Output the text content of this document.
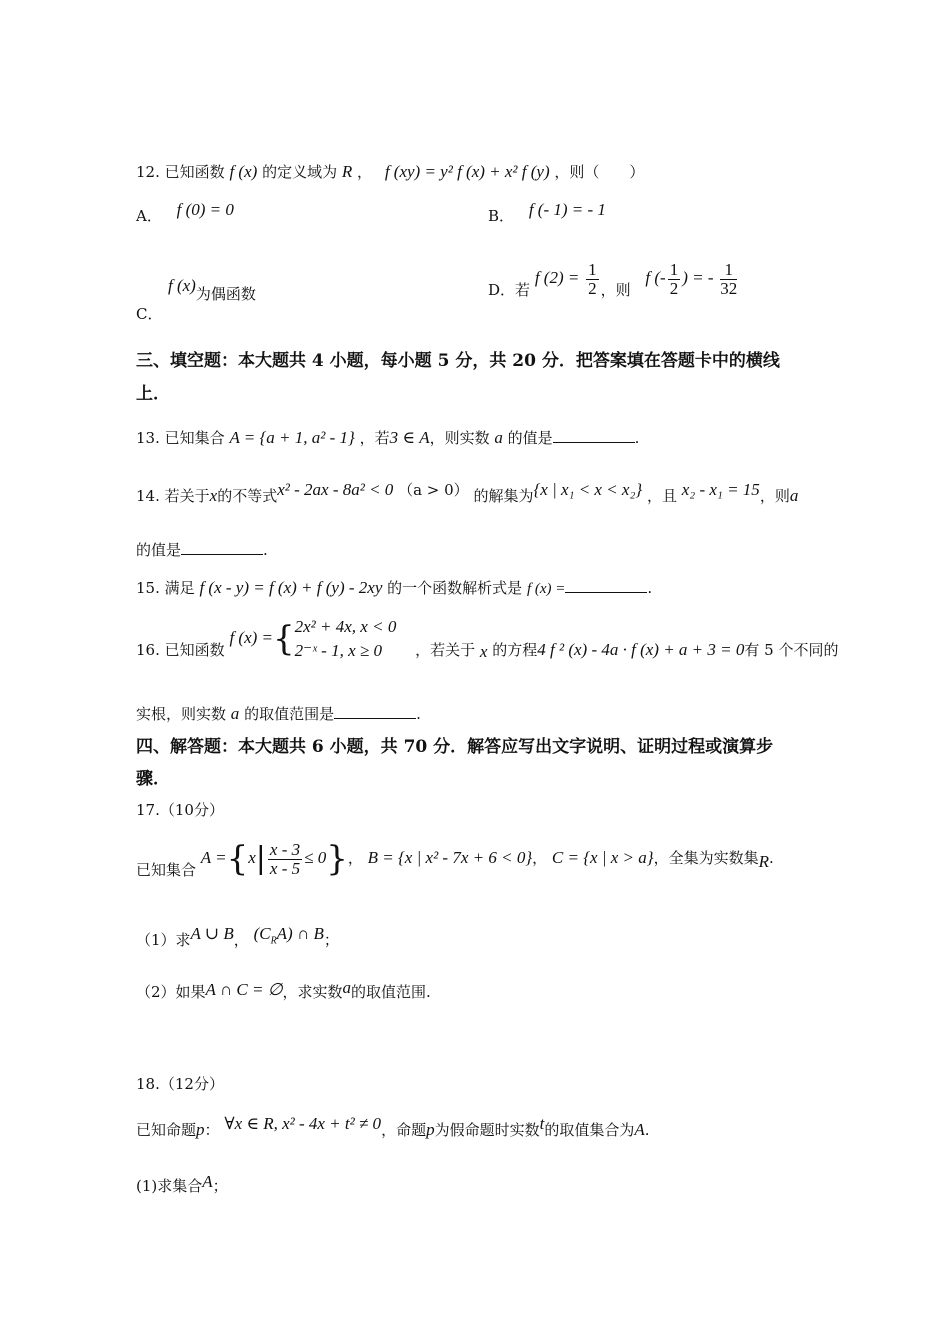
12. 已知函数 f (x) 的定义域为 R ， f (xy) = y² f (x) + x² f (y) ，则（　　）
A． f (0) = 0	B． f (- 1) = - 1
f (x)为偶函数
C．
D．若 f $(2) = \frac{1}{2}$ ，则 f (- $\frac{1}{2}$ ) = - $\frac{1}{32}$
三、填空题：本大题共 4 小题，每小题 5 分，共 20 分．把答案填在答题卡中的横线
上．
13. 已知集合 A = {a + 1, a² - 1} ，若3 ∈ A，则实数 a 的值是	.
14. 若关于x的不等式x² - 2ax - 8a² < 0 （a > 0） 的解集为{x | x₁ < x < x₂} ，且 x₂ - x₁ = 15，则a
的值是	.
15. 满足 f (x - y) = f (x) + f (y) - 2xy 的一个函数解析式是 f (x) =	.
16. 已知函数 f (x) ={ 2x² + 4x, x < 0
2⁻ˣ - 1, x ≥ 0	，若关于 x 的方程4 f ² (x) - 4a · f (x) + a + 3 = 0有 5 个不同的
实根，则实数 a 的取值范围是	.
四、解答题：本大题共 6 小题，共 70 分．解答应写出文字说明、证明过程或演算步
骤．
17.（10分）
已知集合 $A =\{x| \frac{x - 3}{x - 5} \le 0\}$， B = {x | x² - 7x + 6 < 0}， C = {x | x > a}，全集为实数集R.
（1）求A ∪ B， $(C_RA)$ ∩ B；
（2）如果A ∩ C = ∅，求实数a的取值范围.
18.（12分）
已知命题p： ∀x ∈ R, x² - 4x + t² ≠ 0，命题p为假命题时实数t的取值集合为A.
(1)求集合A；
